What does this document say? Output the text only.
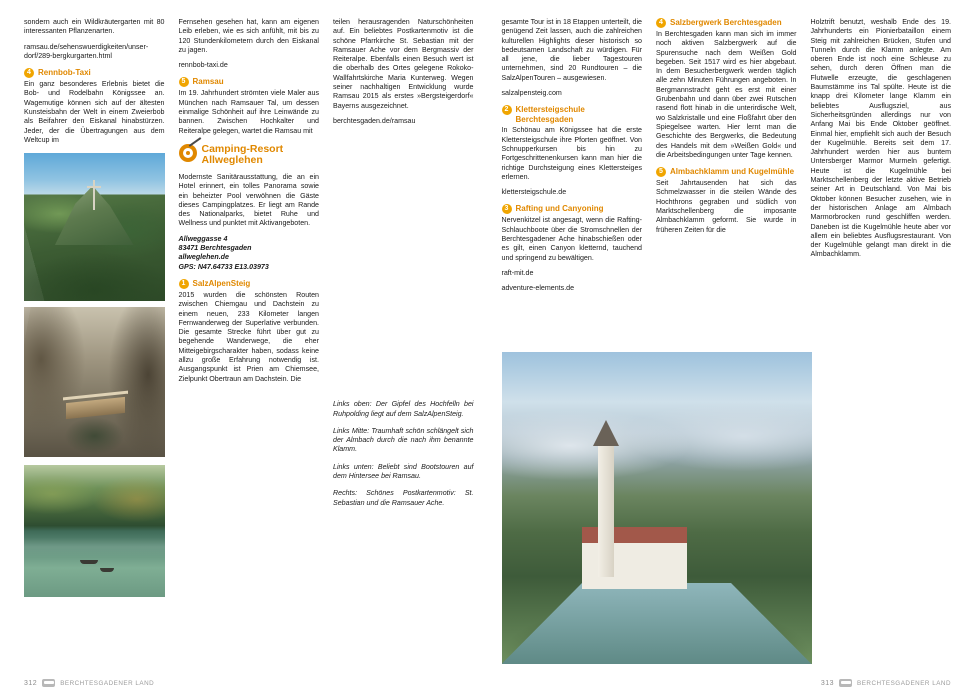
sondern auch ein Wildkräutergarten mit 80 interessanten Pflanzenarten.

ramsau.de/sehenswuerdigkeiten/unser-dorf/289-bergkurgarten.html

4 Rennbob-Taxi

Ein ganz besonderes Erlebnis bietet die Bob- und Rodelbahn Königssee an. Wagemutige können sich auf der ältesten Kunsteisbahn der Welt in einem Zweierbob als Beifahrer den Eiskanal hinabstürzen. Jeder, der die Übertragungen aus dem Weltcup im

Fernsehen gesehen hat, kann am eigenen Leib erleben, wie es sich anfühlt, mit bis zu 120 Stundenkilometern durch den Eiskanal zu jagen.

rennbob-taxi.de

5 Ramsau

Im 19. Jahrhundert strömten viele Maler aus München nach Ramsauer Tal, um dessen einmalige Schönheit auf ihre Leinwände zu bannen. Zwischen Hochkalter und Reiteralpe gelegen, wartet die Ramsau mit

Camping-Resort Allweglehen

Modernste Sanitärausstattung, die an ein Hotel erinnert, ein tolles Panorama sowie ein beheizter Pool verwöhnen die Gäste dieses Campingplatzes. Er liegt am Rande des Nationalparks, bietet Ruhe und Wellness und punktet mit Aktivangeboten.

Allweggasse 4
83471 Berchtesgaden
allweglehen.de
GPS: N47.64733 E13.03973
1 SalzAlpenSteig

2015 wurden die schönsten Routen zwischen Chiemgau und Dachstein zu einem neuen, 233 Kilometer langen Fernwanderweg der Superlative verbunden. Die gesamte Strecke führt über gut zu begehende Wanderwege, die eher Mitteigebirgscharakter haben, sodass keine allzu große Erfahrung notwendig ist. Ausgangspunkt ist Prien am Chiemsee, Zielpunkt Obertraun am Dachstein. Die

teilen herausragenden Naturschönheiten auf. Ein beliebtes Postkartenmotiv ist die schöne Pfarrkirche St. Sebastian mit der Ramsauer Ache vor dem Bergmassiv der Reiteralpe. Ebenfalls einen Besuch wert ist die oberhalb des Ortes gelegene Rokoko-Wallfahrtskirche Maria Kunterweg. Wegen seiner nachhaltigen Entwicklung wurde Ramsau 2015 als erstes »Bergsteigerdorf« Bayerns ausgezeichnet.

berchtesgaden.de/ramsau

Links oben: Der Gipfel des Hochfelln bei Ruhpolding liegt auf dem SalzAlpenSteig.

Links Mitte: Traumhaft schön schlängelt sich der Almbach durch die nach ihm benannte Klamm.

Links unten: Beliebt sind Bootstouren auf dem Hintersee bei Ramsau.

Rechts: Schönes Postkartenmotiv: St. Sebastian und die Ramsauer Ache.

312	BERCHTESGADENER LAND

gesamte Tour ist in 18 Etappen unterteilt, die genügend Zeit lassen, auch die zahlreichen kulturellen Highlights dieser historisch so bedeutsamen Landschaft zu würdigen. Für all jene, die lieber Tagestouren unternehmen, sind 20 Rundtouren – die SalzAlpenTouren – ausgewiesen.

salzalpensteig.com

2 Klettersteigschule Berchtesgaden

In Schönau am Königssee hat die erste Klettersteigschule ihre Pforten geöffnet. Von Schnupperkursen bis hin zu Fortgeschrittenenkursen kann man hier die richtige Durchsteigung eines Klettersteiges erlernen.

klettersteigschule.de

3 Rafting und Canyoning

Nervenkitzel ist angesagt, wenn die Rafting-Schlauchboote über die Stromschnellen der Berchtesgadener Ache hinabschießen oder es gilt, einen Canyon kletternd, tauchend und springend zu bewältigen.

raft-mit.de

adventure-elements.de

4 Salzbergwerk Berchtesgaden

In Berchtesgaden kann man sich im immer noch aktiven Salzbergwerk auf die Spurensuche nach dem Weißen Gold begeben. Seit 1517 wird es hier abgebaut. In dem Besucherbergwerk werden täglich alle zehn Minuten Führungen angeboten. In Bergmannstracht geht es erst mit einer Grubenbahn und dann über zwei Rutschen rasend flott hinab in die unterirdische Welt, wo Salzkristalle und eine Floßfahrt über den Spiegelsee warten. Hier lernt man die Geschichte des Bergwerks, die Bedeutung des Handels mit dem »Weißen Gold« und die Arbeitsbedingungen unter Tage kennen.

5 Almbachklamm und Kugelmühle

Seit Jahrtausenden hat sich das Schmelzwasser in die steilen Wände des Hochthrons gegraben und südlich von Marktschellenberg die imposante Almbachklamm geformt. Sie wurde in früheren Zeiten für die

Holztrift benutzt, weshalb Ende des 19. Jahrhunderts ein Pionierbataillon einem Steig mit zahlreichen Brücken, Stufen und Tunneln durch die Klamm anlegte. Am oberen Ende ist noch eine Schleuse zu sehen, durch deren Öffnen man die Flutwelle erzeugte, die geschlagenen Baumstämme ins Tal spülte. Heute ist die knapp drei Kilometer lange Klamm ein beliebtes Ausflugsziel, aus Sicherheitsgründen allerdings nur von Anfang Mai bis Ende Oktober geöffnet. Einmal hier, empfiehlt sich auch der Besuch der Kugelmühle. Bereits seit dem 17. Jahrhundert werden hier aus buntem Untersberger Marmor Murmeln gefertigt. Heute ist die Kugelmühle bei Marktschellenberg der letzte aktive Betrieb seiner Art in Deutschland. Von Mai bis Oktober können Besucher zusehen, wie in der historischen Anlage am Almbach Marmorbrocken rund geschliffen werden. Daneben ist die Kugelmühle heute aber vor allem ein beliebtes Ausflugsrestaurant. Von der Kugelmühle gelangt man direkt in die Almbachklamm.

313	BERCHTESGADENER LAND
